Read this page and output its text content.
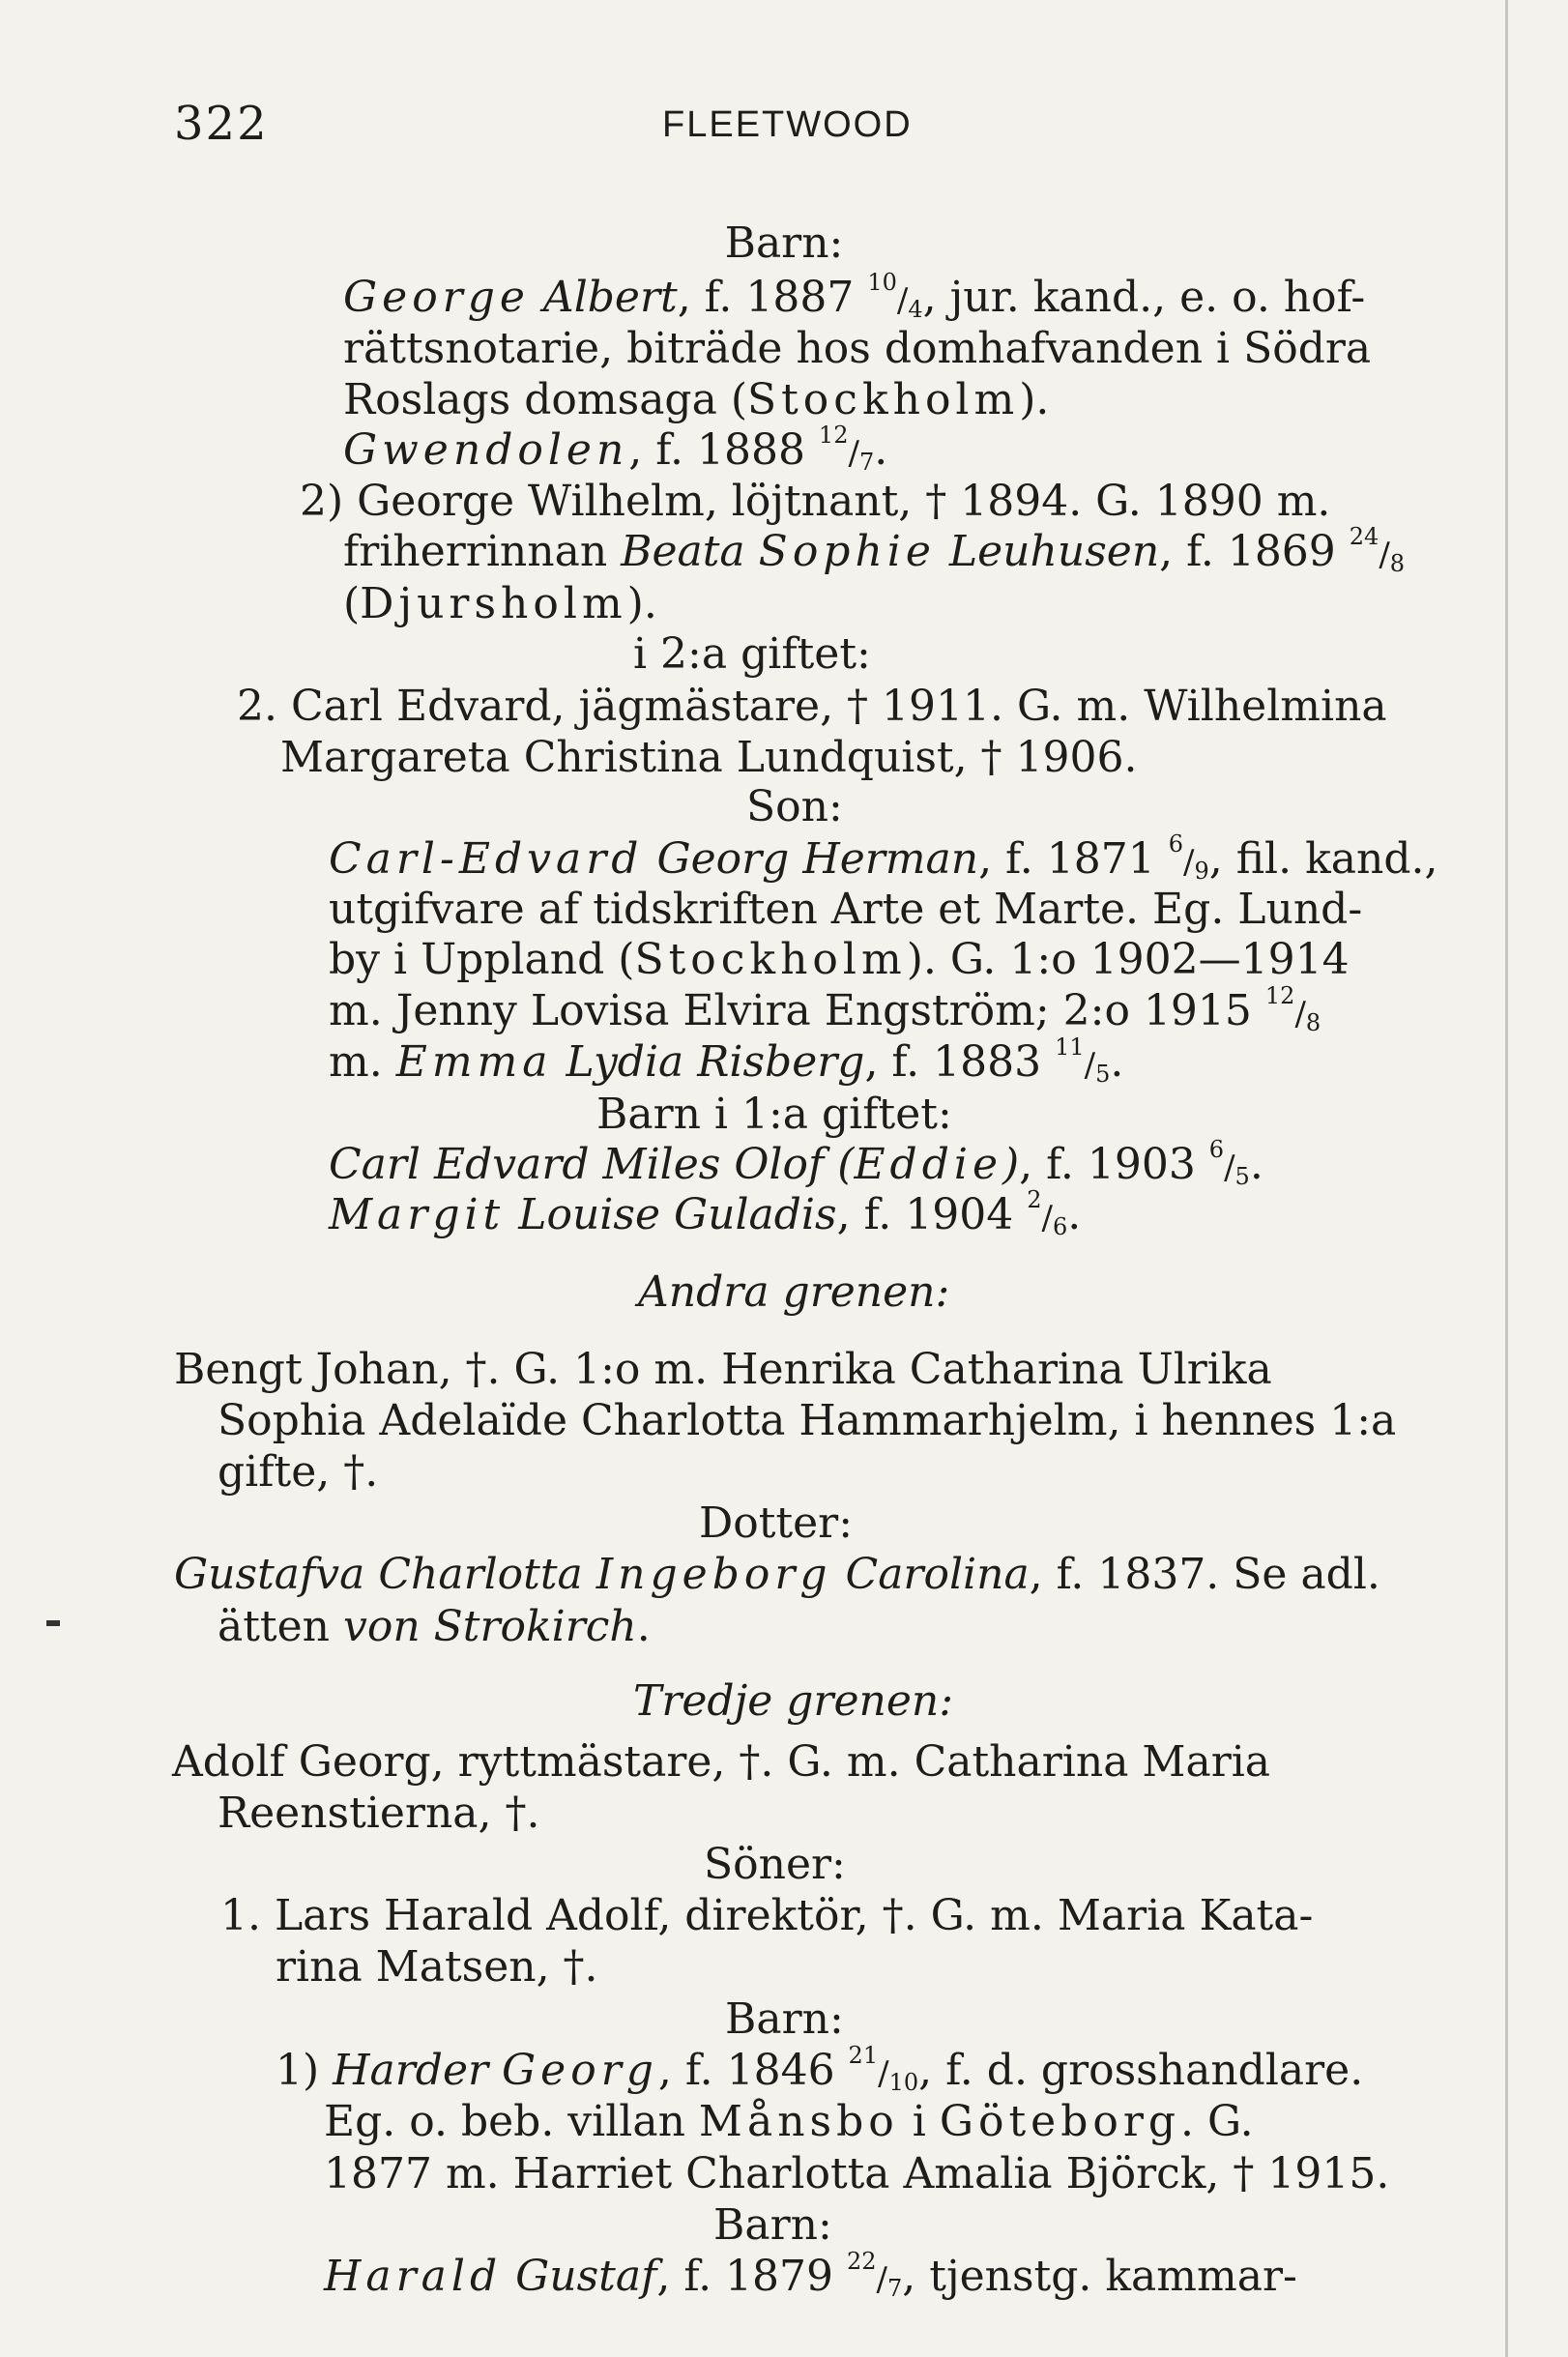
322	FLEETWOOD
Barn:
George Albert, f. 1887 $^{10}/_4$, jur. kand., e. o. hof-
rättsnotarie, biträde hos domhafvanden i Södra
Roslags domsaga (Stockholm).
Gwendolen, f. 1888 $^{12}/_7$.
2) George Wilhelm, löjtnant, † 1894. G. 1890 m.
friherrinnan Beata Sophie Leuhusen, f. 1869 $^{24}/_8$
(Djursholm).
i 2:a giftet:
2. Carl Edvard, jägmästare, † 1911. G. m. Wilhelmina
Margareta Christina Lundquist, † 1906.
Son:
Carl-Edvard Georg Herman, f. 1871 $^6/_9$, fil. kand.,
utgifvare af tidskriften Arte et Marte. Eg. Lund-
by i Uppland (Stockholm). G. 1:o 1902—1914
m. Jenny Lovisa Elvira Engström; 2:o 1915 $^{12}/_8$
m. Emma Lydia Risberg, f. 1883 $^{11}/_5$.
Barn i 1:a giftet:
Carl Edvard Miles Olof (Eddie), f. 1903 $^6/_5$.
Margit Louise Guladis, f. 1904 $^2/_6$.
Andra grenen:
Bengt Johan, †. G. 1:o m. Henrika Catharina Ulrika
Sophia Adelaïde Charlotta Hammarhjelm, i hennes 1:a
gifte, †.
Dotter:
Gustafva Charlotta Ingeborg Carolina, f. 1837. Se adl.
ätten von Strokirch.
Tredje grenen:
Adolf Georg, ryttmästare, †. G. m. Catharina Maria
Reenstierna, †.
Söner:
1. Lars Harald Adolf, direktör, †. G. m. Maria Kata-
rina Matsen, †.
Barn:
1) Harder Georg, f. 1846 $^{21}/_{10}$, f. d. grosshandlare.
Eg. o. beb. villan Månsbo i Göteborg. G.
1877 m. Harriet Charlotta Amalia Björck, † 1915.
Barn:
Harald Gustaf, f. 1879 $^{22}/_7$, tjenstg. kammar-
